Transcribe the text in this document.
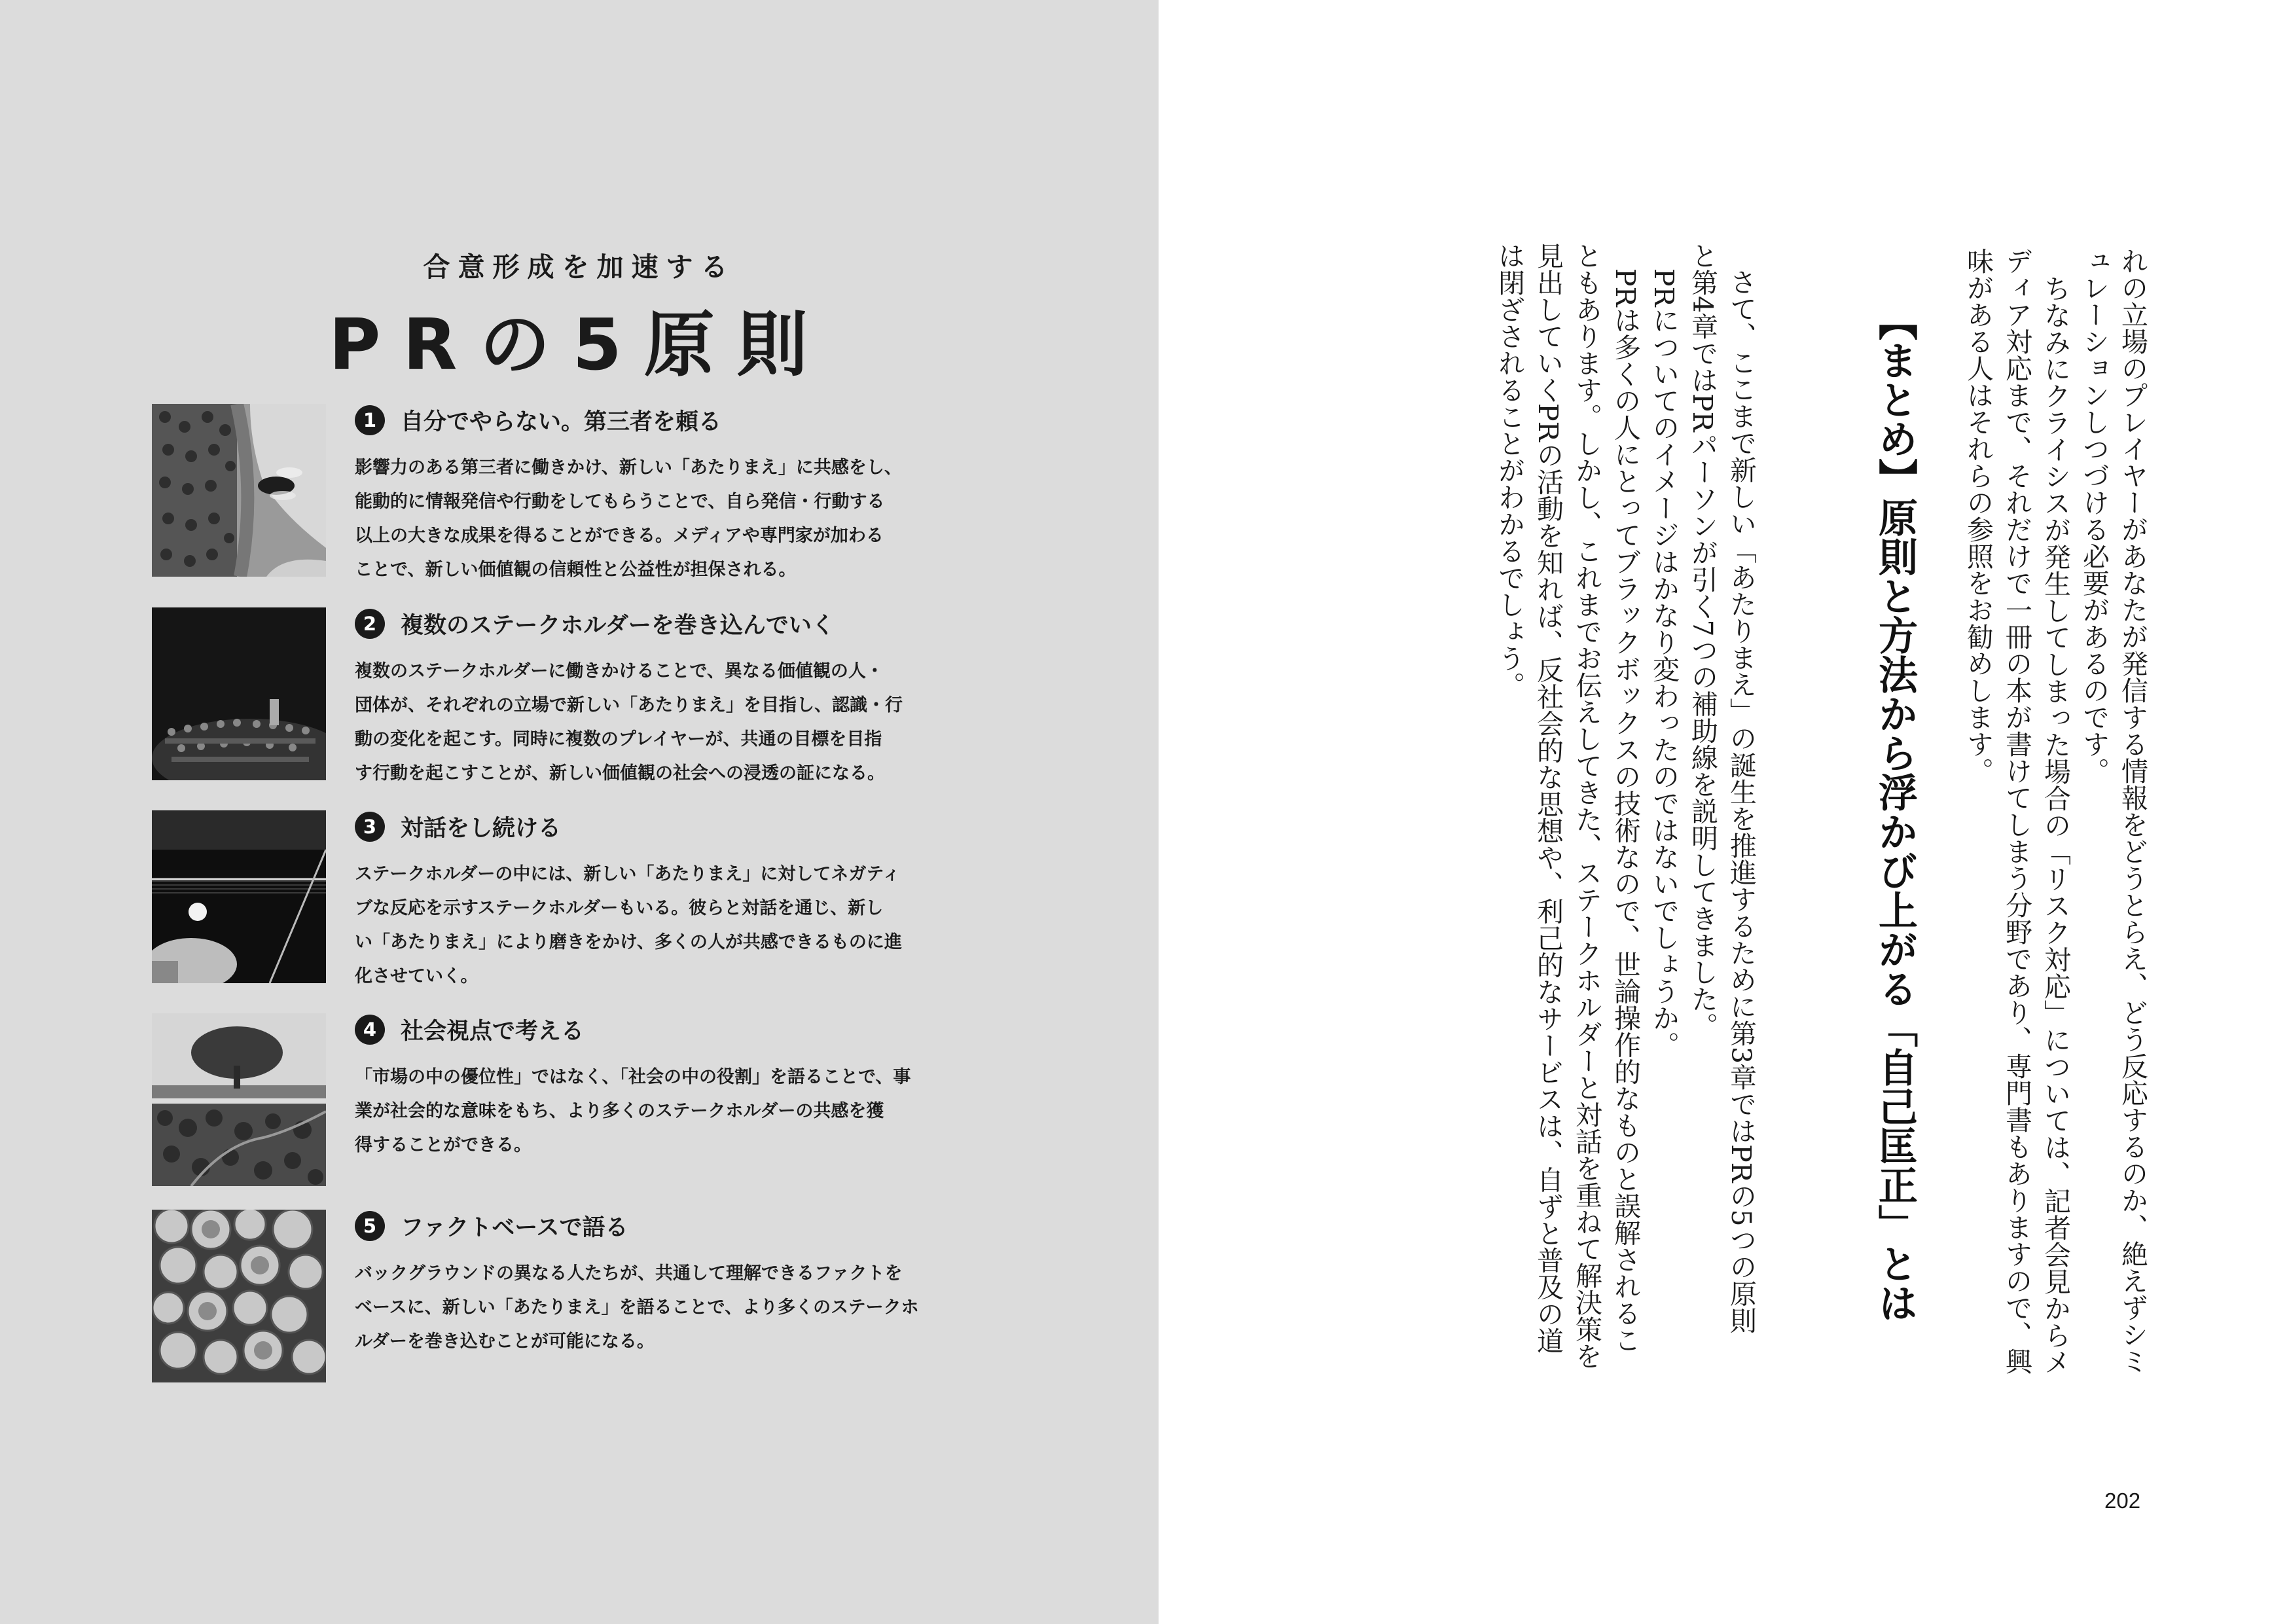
合意形成を加速する
PRの5原則
1	自分でやらない。第三者を頼る
影響力のある第三者に働きかけ、新しい「あたりまえ」に共感をし、
能動的に情報発信や行動をしてもらうことで、自ら発信・行動する
以上の大きな成果を得ることができる。メディアや専門家が加わる
ことで、新しい価値観の信頼性と公益性が担保される。
2	複数のステークホルダーを巻き込んでいく
複数のステークホルダーに働きかけることで、異なる価値観の人・
団体が、それぞれの立場で新しい「あたりまえ」を目指し、認識・行
動の変化を起こす。同時に複数のプレイヤーが、共通の目標を目指
す行動を起こすことが、新しい価値観の社会への浸透の証になる。
3	対話をし続ける
ステークホルダーの中には、新しい「あたりまえ」に対してネガティ
ブな反応を示すステークホルダーもいる。彼らと対話を通じ、新し
い「あたりまえ」により磨きをかけ、多くの人が共感できるものに進
化させていく。
4	社会視点で考える
「市場の中の優位性」ではなく、「社会の中の役割」を語ることで、事
業が社会的な意味をもち、より多くのステークホルダーの共感を獲
得することができる。
5	ファクトベースで語る
バックグラウンドの異なる人たちが、共通して理解できるファクトを
ベースに、新しい「あたりまえ」を語ることで、より多くのステークホ
ルダーを巻き込むことが可能になる。	れの立場のプレイヤーがあなたが発信する情報をどうとらえ、どう反応するのか、絶えずシミ
ュレーションしつづける必要があるのです。
ちなみにクライシスが発生してしまった場合の「リスク対応」については、記者会見からメ
ディア対応まで、それだけで一冊の本が書けてしまう分野であり、専門書もありますので、興
味がある人はそれらの参照をお勧めします。
【まとめ】原則と方法から浮かび上がる「自己匡正」とは
さて、ここまで新しい「あたりまえ」の誕生を推進するために第3章ではPRの5つの原則
と第4章ではPRパーソンが引く7つの補助線を説明してきました。
PRについてのイメージはかなり変わったのではないでしょうか。
PRは多くの人にとってブラックボックスの技術なので、世論操作的なものと誤解されるこ
ともあります。しかし、これまでお伝えしてきた、ステークホルダーと対話を重ねて解決策を
見出していくPRの活動を知れば、反社会的な思想や、利己的なサービスは、自ずと普及の道
は閉ざされることがわかるでしょう。
202
